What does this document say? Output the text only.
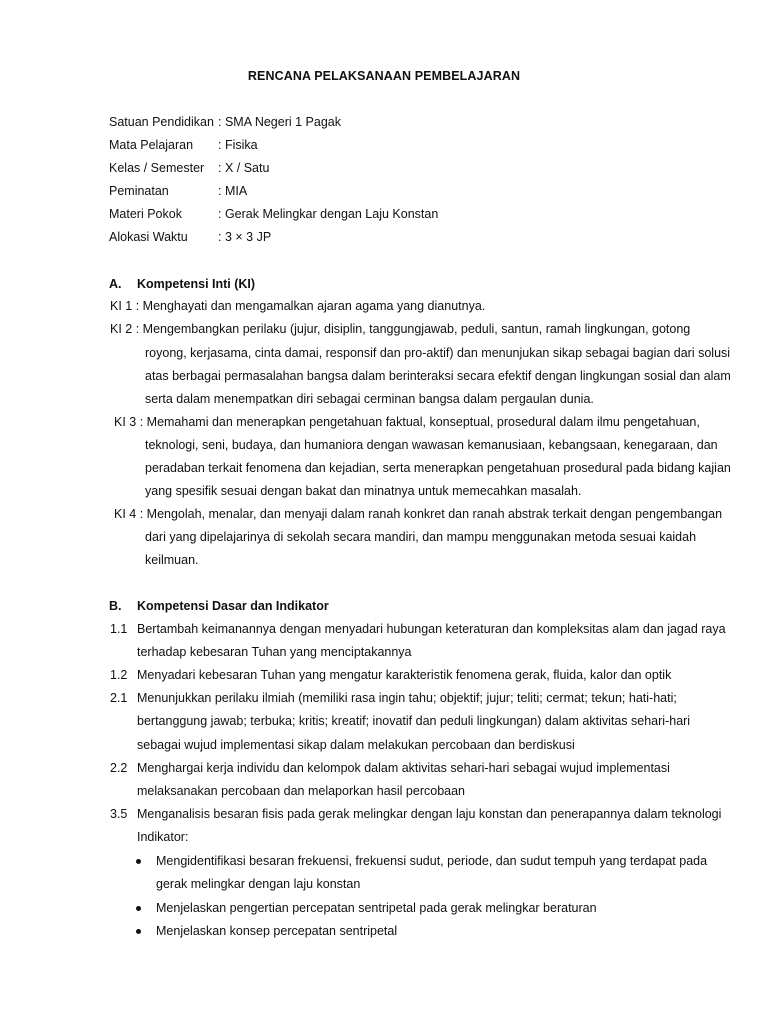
RENCANA PELAKSANAAN PEMBELAJARAN
Satuan Pendidikan : SMA Negeri 1 Pagak
Mata Pelajaran : Fisika
Kelas / Semester : X / Satu
Peminatan	: MIA
Materi Pokok	: Gerak Melingkar dengan Laju Konstan
Alokasi Waktu : 3 × 3 JP
A. Kompetensi Inti (KI)
KI 1 : Menghayati dan mengamalkan ajaran agama yang dianutnya.
KI 2 : Mengembangkan perilaku (jujur, disiplin, tanggungjawab, peduli, santun, ramah lingkungan, gotong
royong, kerjasama, cinta damai, responsif dan pro-aktif) dan menunjukan sikap sebagai bagian dari solusi
atas berbagai permasalahan bangsa dalam berinteraksi secara efektif dengan lingkungan sosial dan alam
serta dalam menempatkan diri sebagai cerminan bangsa dalam pergaulan dunia.
KI 3 : Memahami dan menerapkan pengetahuan faktual, konseptual, prosedural dalam ilmu pengetahuan,
teknologi, seni, budaya, dan humaniora dengan wawasan kemanusiaan, kebangsaan, kenegaraan, dan
peradaban terkait fenomena dan kejadian, serta menerapkan pengetahuan prosedural pada bidang kajian
yang spesifik sesuai dengan bakat dan minatnya untuk memecahkan masalah.
KI 4 : Mengolah, menalar, dan menyaji dalam ranah konkret dan ranah abstrak terkait dengan pengembangan
dari yang dipelajarinya di sekolah secara mandiri, dan mampu menggunakan metoda sesuai kaidah
keilmuan.
B. Kompetensi Dasar dan Indikator
1.1 Bertambah keimanannya dengan menyadari hubungan keteraturan dan kompleksitas alam dan jagad raya
terhadap kebesaran Tuhan yang menciptakannya
1.2 Menyadari kebesaran Tuhan yang mengatur karakteristik fenomena gerak, fluida, kalor dan optik
2.1 Menunjukkan perilaku ilmiah (memiliki rasa ingin tahu; objektif; jujur; teliti; cermat; tekun; hati-hati;
bertanggung jawab; terbuka; kritis; kreatif; inovatif dan peduli lingkungan) dalam aktivitas sehari-hari
sebagai wujud implementasi sikap dalam melakukan percobaan dan berdiskusi
2.2 Menghargai kerja individu dan kelompok dalam aktivitas sehari-hari sebagai wujud implementasi
melaksanakan percobaan dan melaporkan hasil percobaan
3.5 Menganalisis besaran fisis pada gerak melingkar dengan laju konstan dan penerapannya dalam teknologi
Indikator:
Mengidentifikasi besaran frekuensi, frekuensi sudut, periode, dan sudut tempuh yang terdapat pada
gerak melingkar dengan laju konstan
Menjelaskan pengertian percepatan sentripetal pada gerak melingkar beraturan
Menjelaskan konsep percepatan sentripetal
